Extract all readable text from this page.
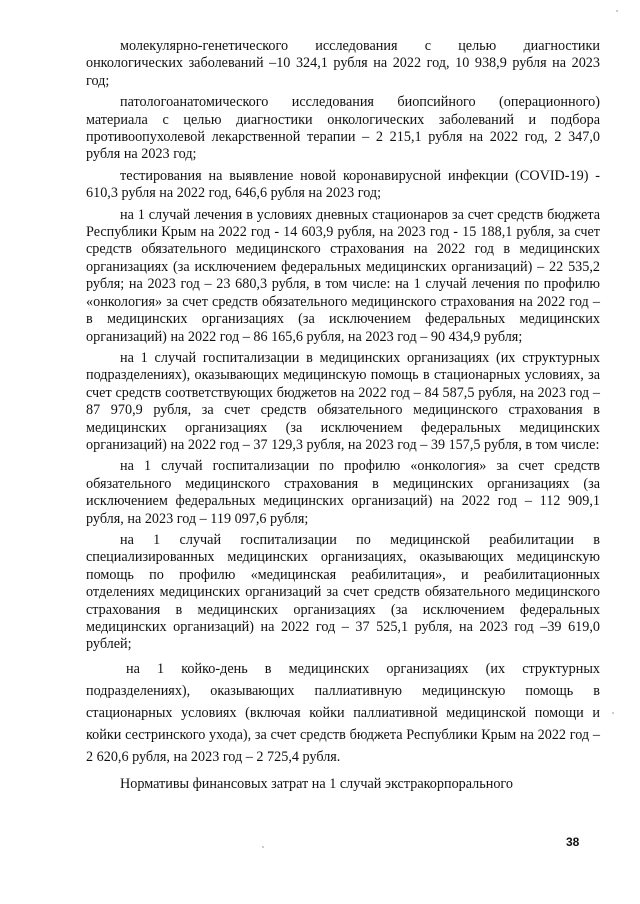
молекулярно-генетического исследования с целью диагностики онкологических заболеваний –10 324,1 рубля на 2022 год, 10 938,9 рубля на 2023 год;

патологоанатомического исследования биопсийного (операционного) материала с целью диагностики онкологических заболеваний и подбора противоопухолевой лекарственной терапии – 2 215,1 рубля на 2022 год, 2 347,0 рубля на 2023 год;

тестирования на выявление новой коронавирусной инфекции (COVID-19) - 610,3 рубля на 2022 год, 646,6 рубля на 2023 год;

на 1 случай лечения в условиях дневных стационаров за счет средств бюджета Республики Крым на 2022 год - 14 603,9 рубля, на 2023 год - 15 188,1 рубля, за счет средств обязательного медицинского страхования на 2022 год в медицинских организациях (за исключением федеральных медицинских организаций) – 22 535,2 рубля; на 2023 год – 23 680,3 рубля, в том числе: на 1 случай лечения по профилю «онкология» за счет средств обязательного медицинского страхования на 2022 год – в медицинских организациях (за исключением федеральных медицинских организаций) на 2022 год – 86 165,6 рубля, на 2023 год – 90 434,9 рубля;

на 1 случай госпитализации в медицинских организациях (их структурных подразделениях), оказывающих медицинскую помощь в стационарных условиях, за счет средств соответствующих бюджетов на 2022 год – 84 587,5 рубля, на 2023 год – 87 970,9 рубля, за счет средств обязательного медицинского страхования в медицинских организациях (за исключением федеральных медицинских организаций) на 2022 год – 37 129,3 рубля, на 2023 год – 39 157,5 рубля, в том числе:

на 1 случай госпитализации по профилю «онкология» за счет средств обязательного медицинского страхования в медицинских организациях (за исключением федеральных медицинских организаций) на 2022 год – 112 909,1 рубля, на 2023 год – 119 097,6 рубля;

на 1 случай госпитализации по медицинской реабилитации в специализированных медицинских организациях, оказывающих медицинскую помощь по профилю «медицинская реабилитация», и реабилитационных отделениях медицинских организаций за счет средств обязательного медицинского страхования в медицинских организациях (за исключением федеральных медицинских организаций) на 2022 год – 37 525,1 рубля, на 2023 год –39 619,0 рублей;

на 1 койко-день в медицинских организациях (их структурных подразделениях), оказывающих паллиативную медицинскую помощь в стационарных условиях (включая койки паллиативной медицинской помощи и койки сестринского ухода), за счет средств бюджета Республики Крым на 2022 год – 2 620,6 рубля, на 2023 год – 2 725,4 рубля.

Нормативы финансовых затрат на 1 случай экстракорпорального

38
